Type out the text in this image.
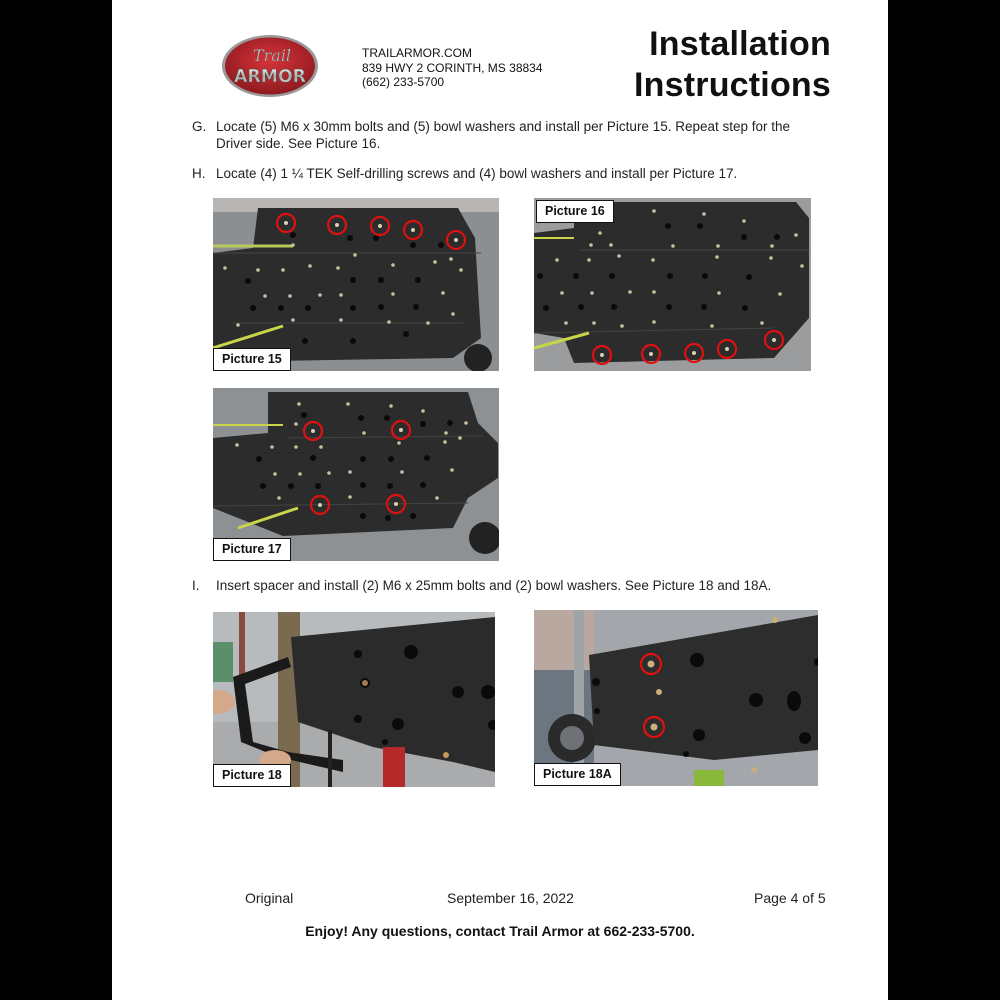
Trail
ARMOR
TRAILARMOR.COM
839 HWY 2 CORINTH, MS 38834
(662) 233-5700
Installation
Instructions
G. Locate (5) M6 x 30mm bolts and (5) bowl washers and install per Picture 15. Repeat step for the Driver side. See Picture 16.
H. Locate (4) 1 ¼ TEK Self-drilling screws and (4) bowl washers and install per Picture 17.
Picture 15
Picture 16
Picture 17
I.	Insert spacer and install (2) M6 x 25mm bolts and (2) bowl washers. See Picture 18 and 18A.
Picture 18	Picture 18A
Original	September 16, 2022	Page 4 of 5
Enjoy! Any questions, contact Trail Armor at 662-233-5700.
